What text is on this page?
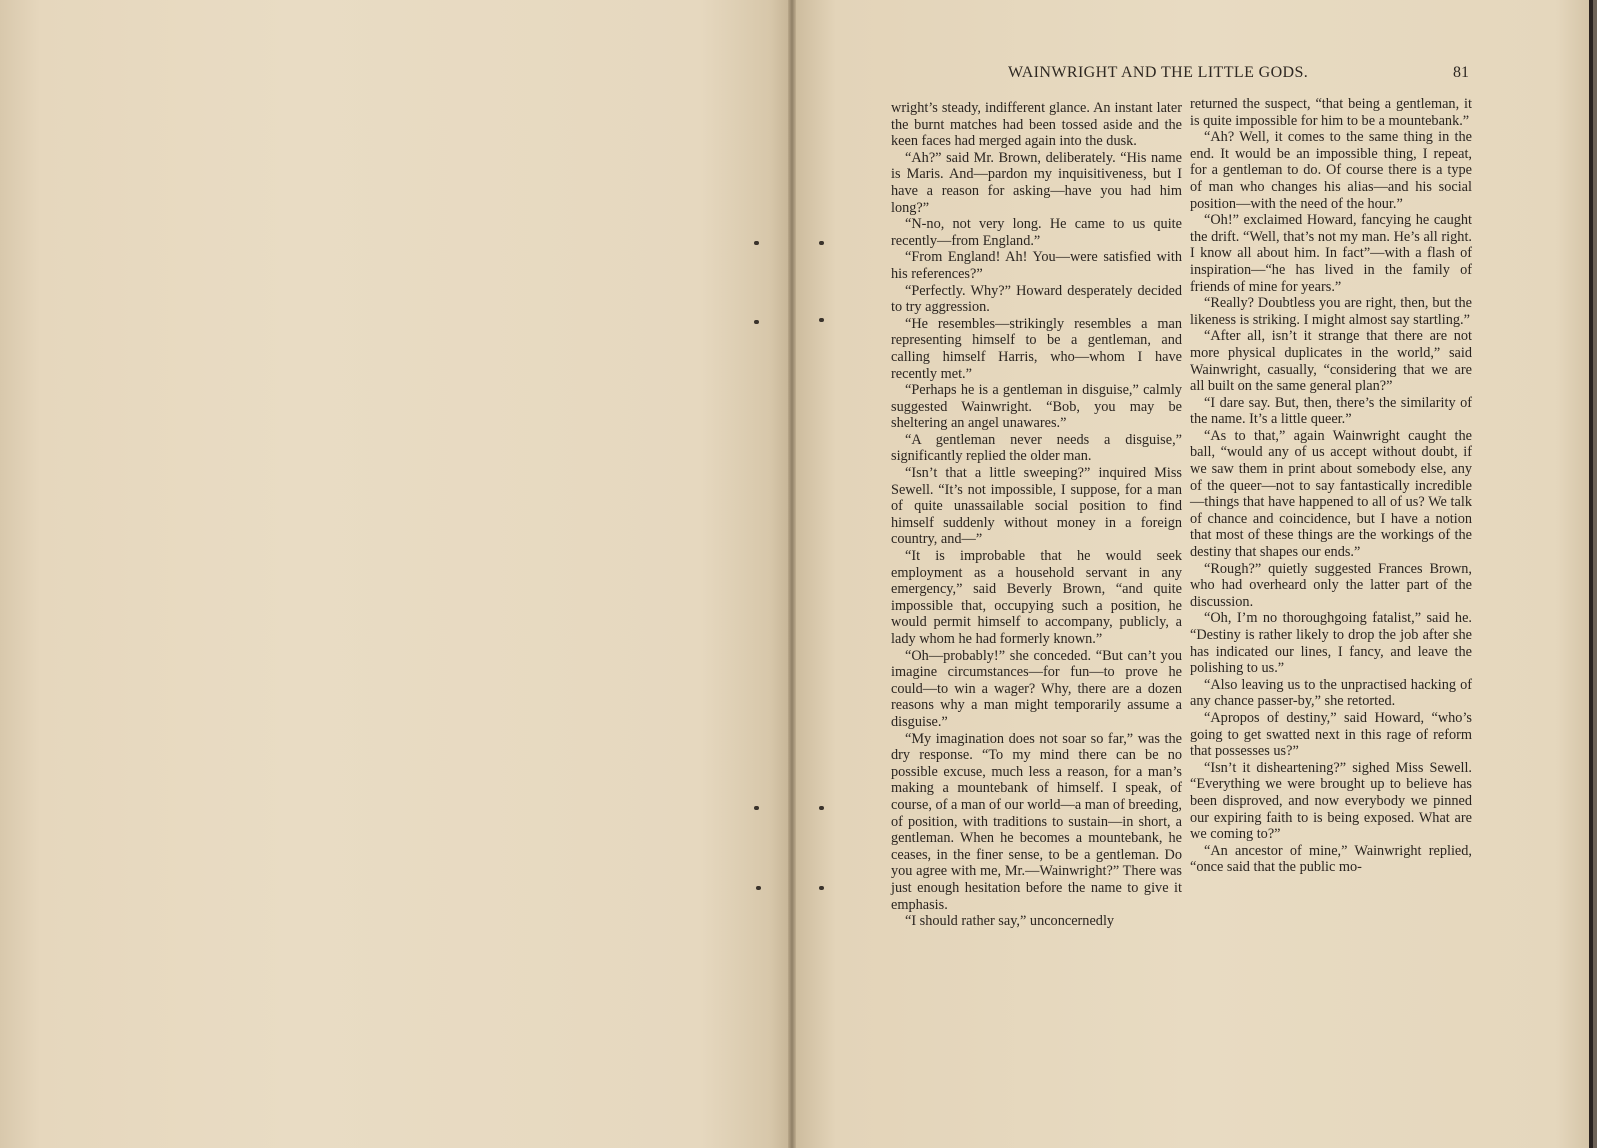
WAINWRIGHT AND THE LITTLE GODS.	81

wright’s steady, indifferent glance. An instant later the burnt matches had been tossed aside and the keen faces had merged again into the dusk.

“Ah?” said Mr. Brown, deliberately. “His name is Maris. And—pardon my inquisitiveness, but I have a reason for asking—have you had him long?”

“N-no, not very long. He came to us quite recently—from England.”

“From England! Ah! You—were satisfied with his references?”

“Perfectly. Why?” Howard desperately decided to try aggression.

“He resembles—strikingly resembles a man representing himself to be a gentleman, and calling himself Harris, who—whom I have recently met.”

“Perhaps he is a gentleman in disguise,” calmly suggested Wainwright. “Bob, you may be sheltering an angel unawares.”

“A gentleman never needs a disguise,” significantly replied the older man.

“Isn’t that a little sweeping?” inquired Miss Sewell. “It’s not impossible, I suppose, for a man of quite unassailable social position to find himself suddenly without money in a foreign country, and—”

“It is improbable that he would seek employment as a household servant in any emergency,” said Beverly Brown, “and quite impossible that, occupying such a position, he would permit himself to accompany, publicly, a lady whom he had formerly known.”

“Oh—probably!” she conceded. “But can’t you imagine circumstances—for fun—to prove he could—to win a wager? Why, there are a dozen reasons why a man might temporarily assume a disguise.”

“My imagination does not soar so far,” was the dry response. “To my mind there can be no possible excuse, much less a reason, for a man’s making a mountebank of himself. I speak, of course, of a man of our world—a man of breeding, of position, with traditions to sustain—in short, a gentleman. When he becomes a mountebank, he ceases, in the finer sense, to be a gentleman. Do you agree with me, Mr.—Wainwright?” There was just enough hesitation before the name to give it emphasis.

“I should rather say,” unconcernedly

returned the suspect, “that being a gentleman, it is quite impossible for him to be a mountebank.”

“Ah? Well, it comes to the same thing in the end. It would be an impossible thing, I repeat, for a gentleman to do. Of course there is a type of man who changes his alias—and his social position—with the need of the hour.”

“Oh!” exclaimed Howard, fancying he caught the drift. “Well, that’s not my man. He’s all right. I know all about him. In fact”—with a flash of inspiration—“he has lived in the family of friends of mine for years.”

“Really? Doubtless you are right, then, but the likeness is striking. I might almost say startling.”

“After all, isn’t it strange that there are not more physical duplicates in the world,” said Wainwright, casually, “considering that we are all built on the same general plan?”

“I dare say. But, then, there’s the similarity of the name. It’s a little queer.”

“As to that,” again Wainwright caught the ball, “would any of us accept without doubt, if we saw them in print about somebody else, any of the queer—not to say fantastically incredible—things that have happened to all of us? We talk of chance and coincidence, but I have a notion that most of these things are the workings of the destiny that shapes our ends.”

“Rough?” quietly suggested Frances Brown, who had overheard only the latter part of the discussion.

“Oh, I’m no thoroughgoing fatalist,” said he. “Destiny is rather likely to drop the job after she has indicated our lines, I fancy, and leave the polishing to us.”

“Also leaving us to the unpractised hacking of any chance passer-by,” she retorted.

“Apropos of destiny,” said Howard, “who’s going to get swatted next in this rage of reform that possesses us?”

“Isn’t it disheartening?” sighed Miss Sewell. “Everything we were brought up to believe has been disproved, and now everybody we pinned our expiring faith to is being exposed. What are we coming to?”

“An ancestor of mine,” Wainwright replied, “once said that the public mo-
